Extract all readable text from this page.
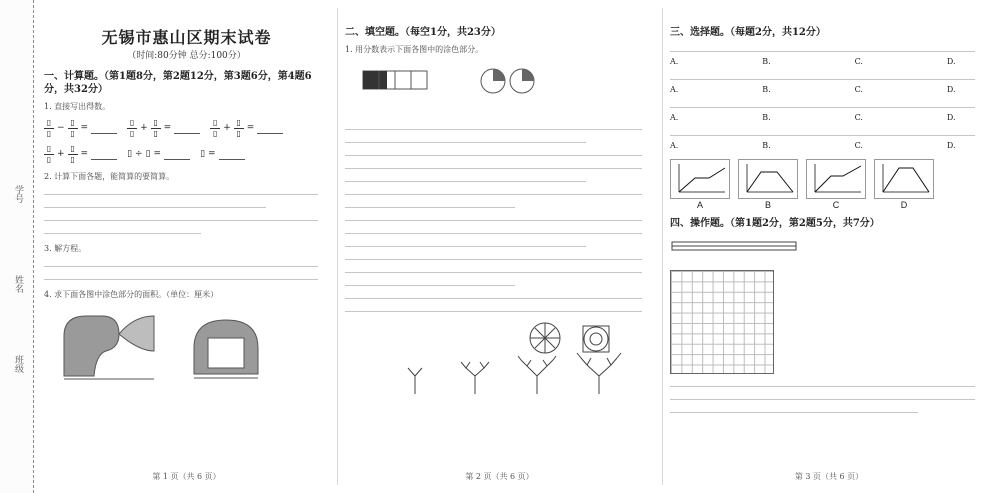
学号
姓名
班级
无锡市惠山区期末试卷
（时间:80分钟 总分:100分）
一、计算题。（第1题8分，第2题12分，第3题6分，第4题6分，共32分）
1. 直接写出得数。
$\frac{▯}{▯} - \frac{▯}{▯}$ =	$\frac{▯}{▯} + \frac{▯}{▯}$ =	$\frac{▯}{▯} + \frac{▯}{▯}$ =
$\frac{▯}{▯} + \frac{▯}{▯}$ =	▯ ÷ ▯ =	▯ =
2. 计算下面各题，能简算的要简算。
3. 解方程。
4. 求下面各图中涂色部分的面积。（单位：厘米）
第 1 页（共 6 页）
二、填空题。（每空1分，共23分）
1. 用分数表示下面各图中的涂色部分。
第 2 页（共 6 页）
三、选择题。（每题2分，共12分）
A.	B.	C.	D.
A.	B.	C.	D.
A.	B.	C.	D.
A.	B.	C.	D.
A	B	C	D
四、操作题。（第1题2分，第2题5分，共7分）
第 3 页（共 6 页）
